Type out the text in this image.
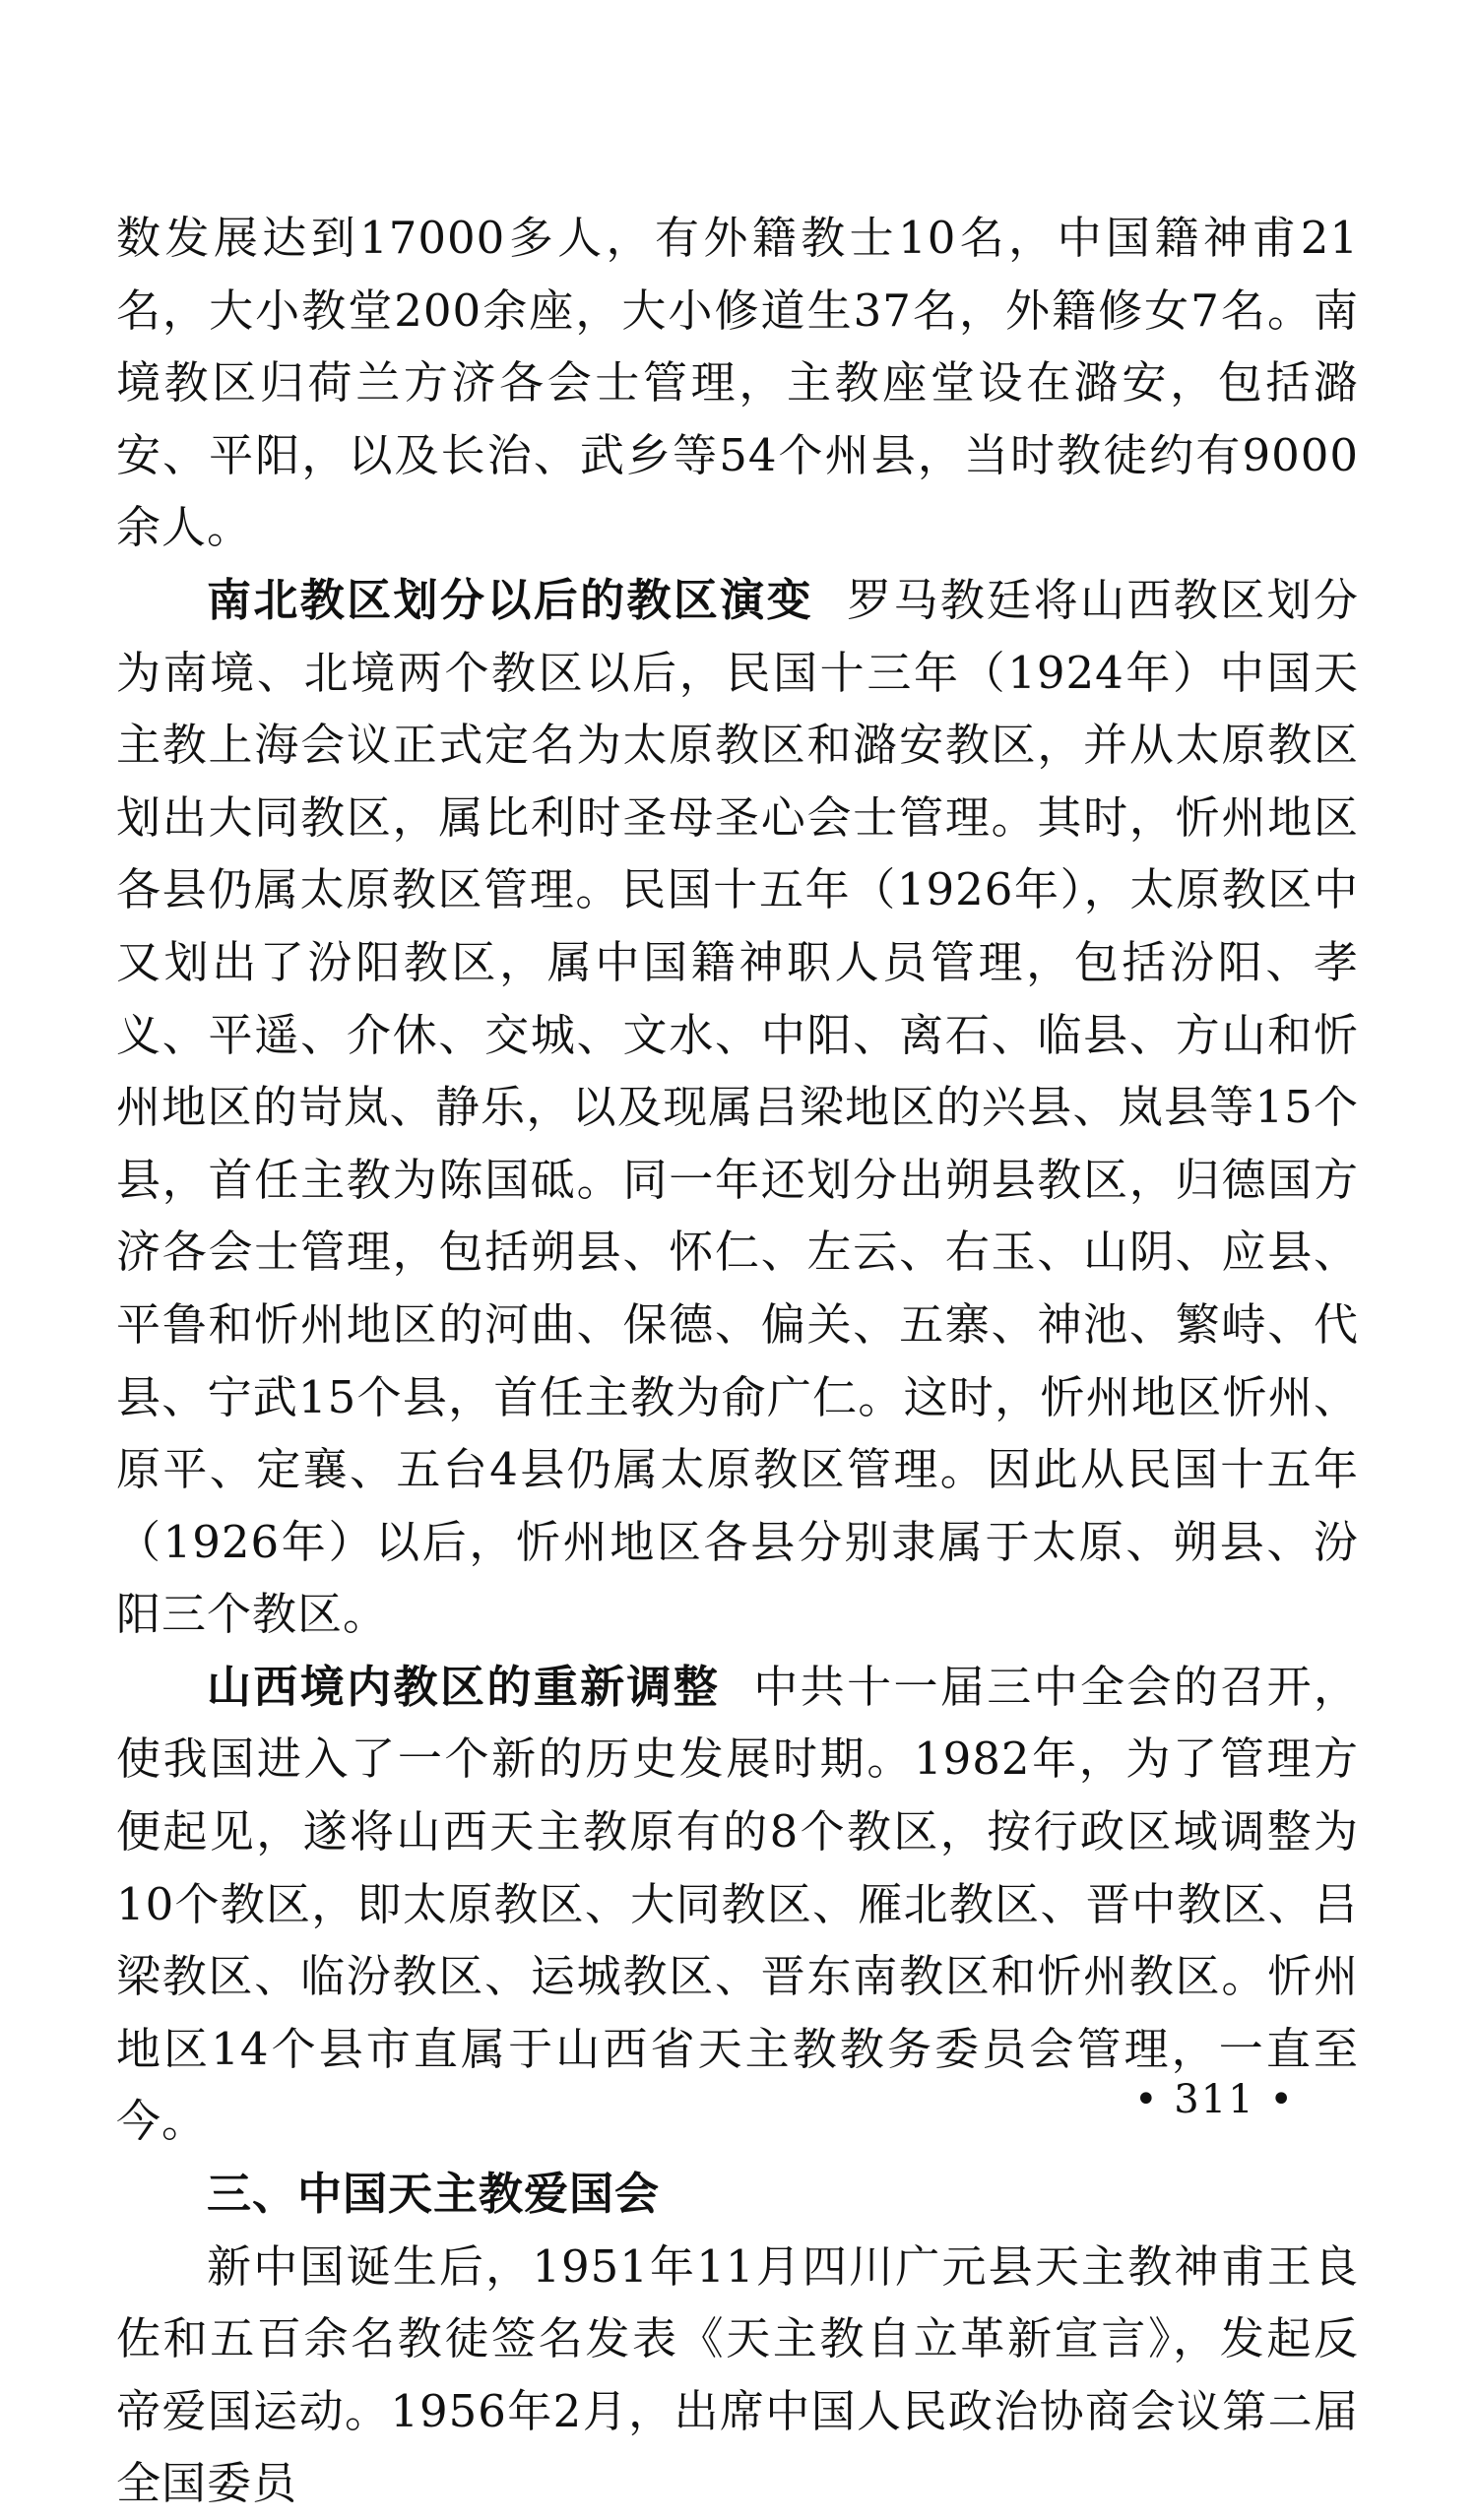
数发展达到17000多人，有外籍教士10名，中国籍神甫21名，大小教堂200余座，大小修道生37名，外籍修女7名。南境教区归荷兰方济各会士管理，主教座堂设在潞安，包括潞安、平阳，以及长治、武乡等54个州县，当时教徒约有9000余人。

南北教区划分以后的教区演变 罗马教廷将山西教区划分为南境、北境两个教区以后，民国十三年（1924年）中国天主教上海会议正式定名为太原教区和潞安教区，并从太原教区划出大同教区，属比利时圣母圣心会士管理。其时，忻州地区各县仍属太原教区管理。民国十五年（1926年），太原教区中又划出了汾阳教区，属中国籍神职人员管理，包括汾阳、孝义、平遥、介休、交城、文水、中阳、离石、临县、方山和忻州地区的岢岚、静乐，以及现属吕梁地区的兴县、岚县等15个县，首任主教为陈国砥。同一年还划分出朔县教区，归德国方济各会士管理，包括朔县、怀仁、左云、右玉、山阴、应县、平鲁和忻州地区的河曲、保德、偏关、五寨、神池、繁峙、代县、宁武15个县，首任主教为俞广仁。这时，忻州地区忻州、原平、定襄、五台4县仍属太原教区管理。因此从民国十五年（1926年）以后，忻州地区各县分别隶属于太原、朔县、汾阳三个教区。

山西境内教区的重新调整 中共十一届三中全会的召开，使我国进入了一个新的历史发展时期。1982年，为了管理方便起见，遂将山西天主教原有的8个教区，按行政区域调整为10个教区，即太原教区、大同教区、雁北教区、晋中教区、吕梁教区、临汾教区、运城教区、晋东南教区和忻州教区。忻州地区14个县市直属于山西省天主教教务委员会管理，一直至今。

三、中国天主教爱国会

新中国诞生后，1951年11月四川广元县天主教神甫王良佐和五百余名教徒签名发表《天主教自立革新宣言》，发起反帝爱国运动。1956年2月，出席中国人民政治协商会议第二届全国委员

• 311 •
